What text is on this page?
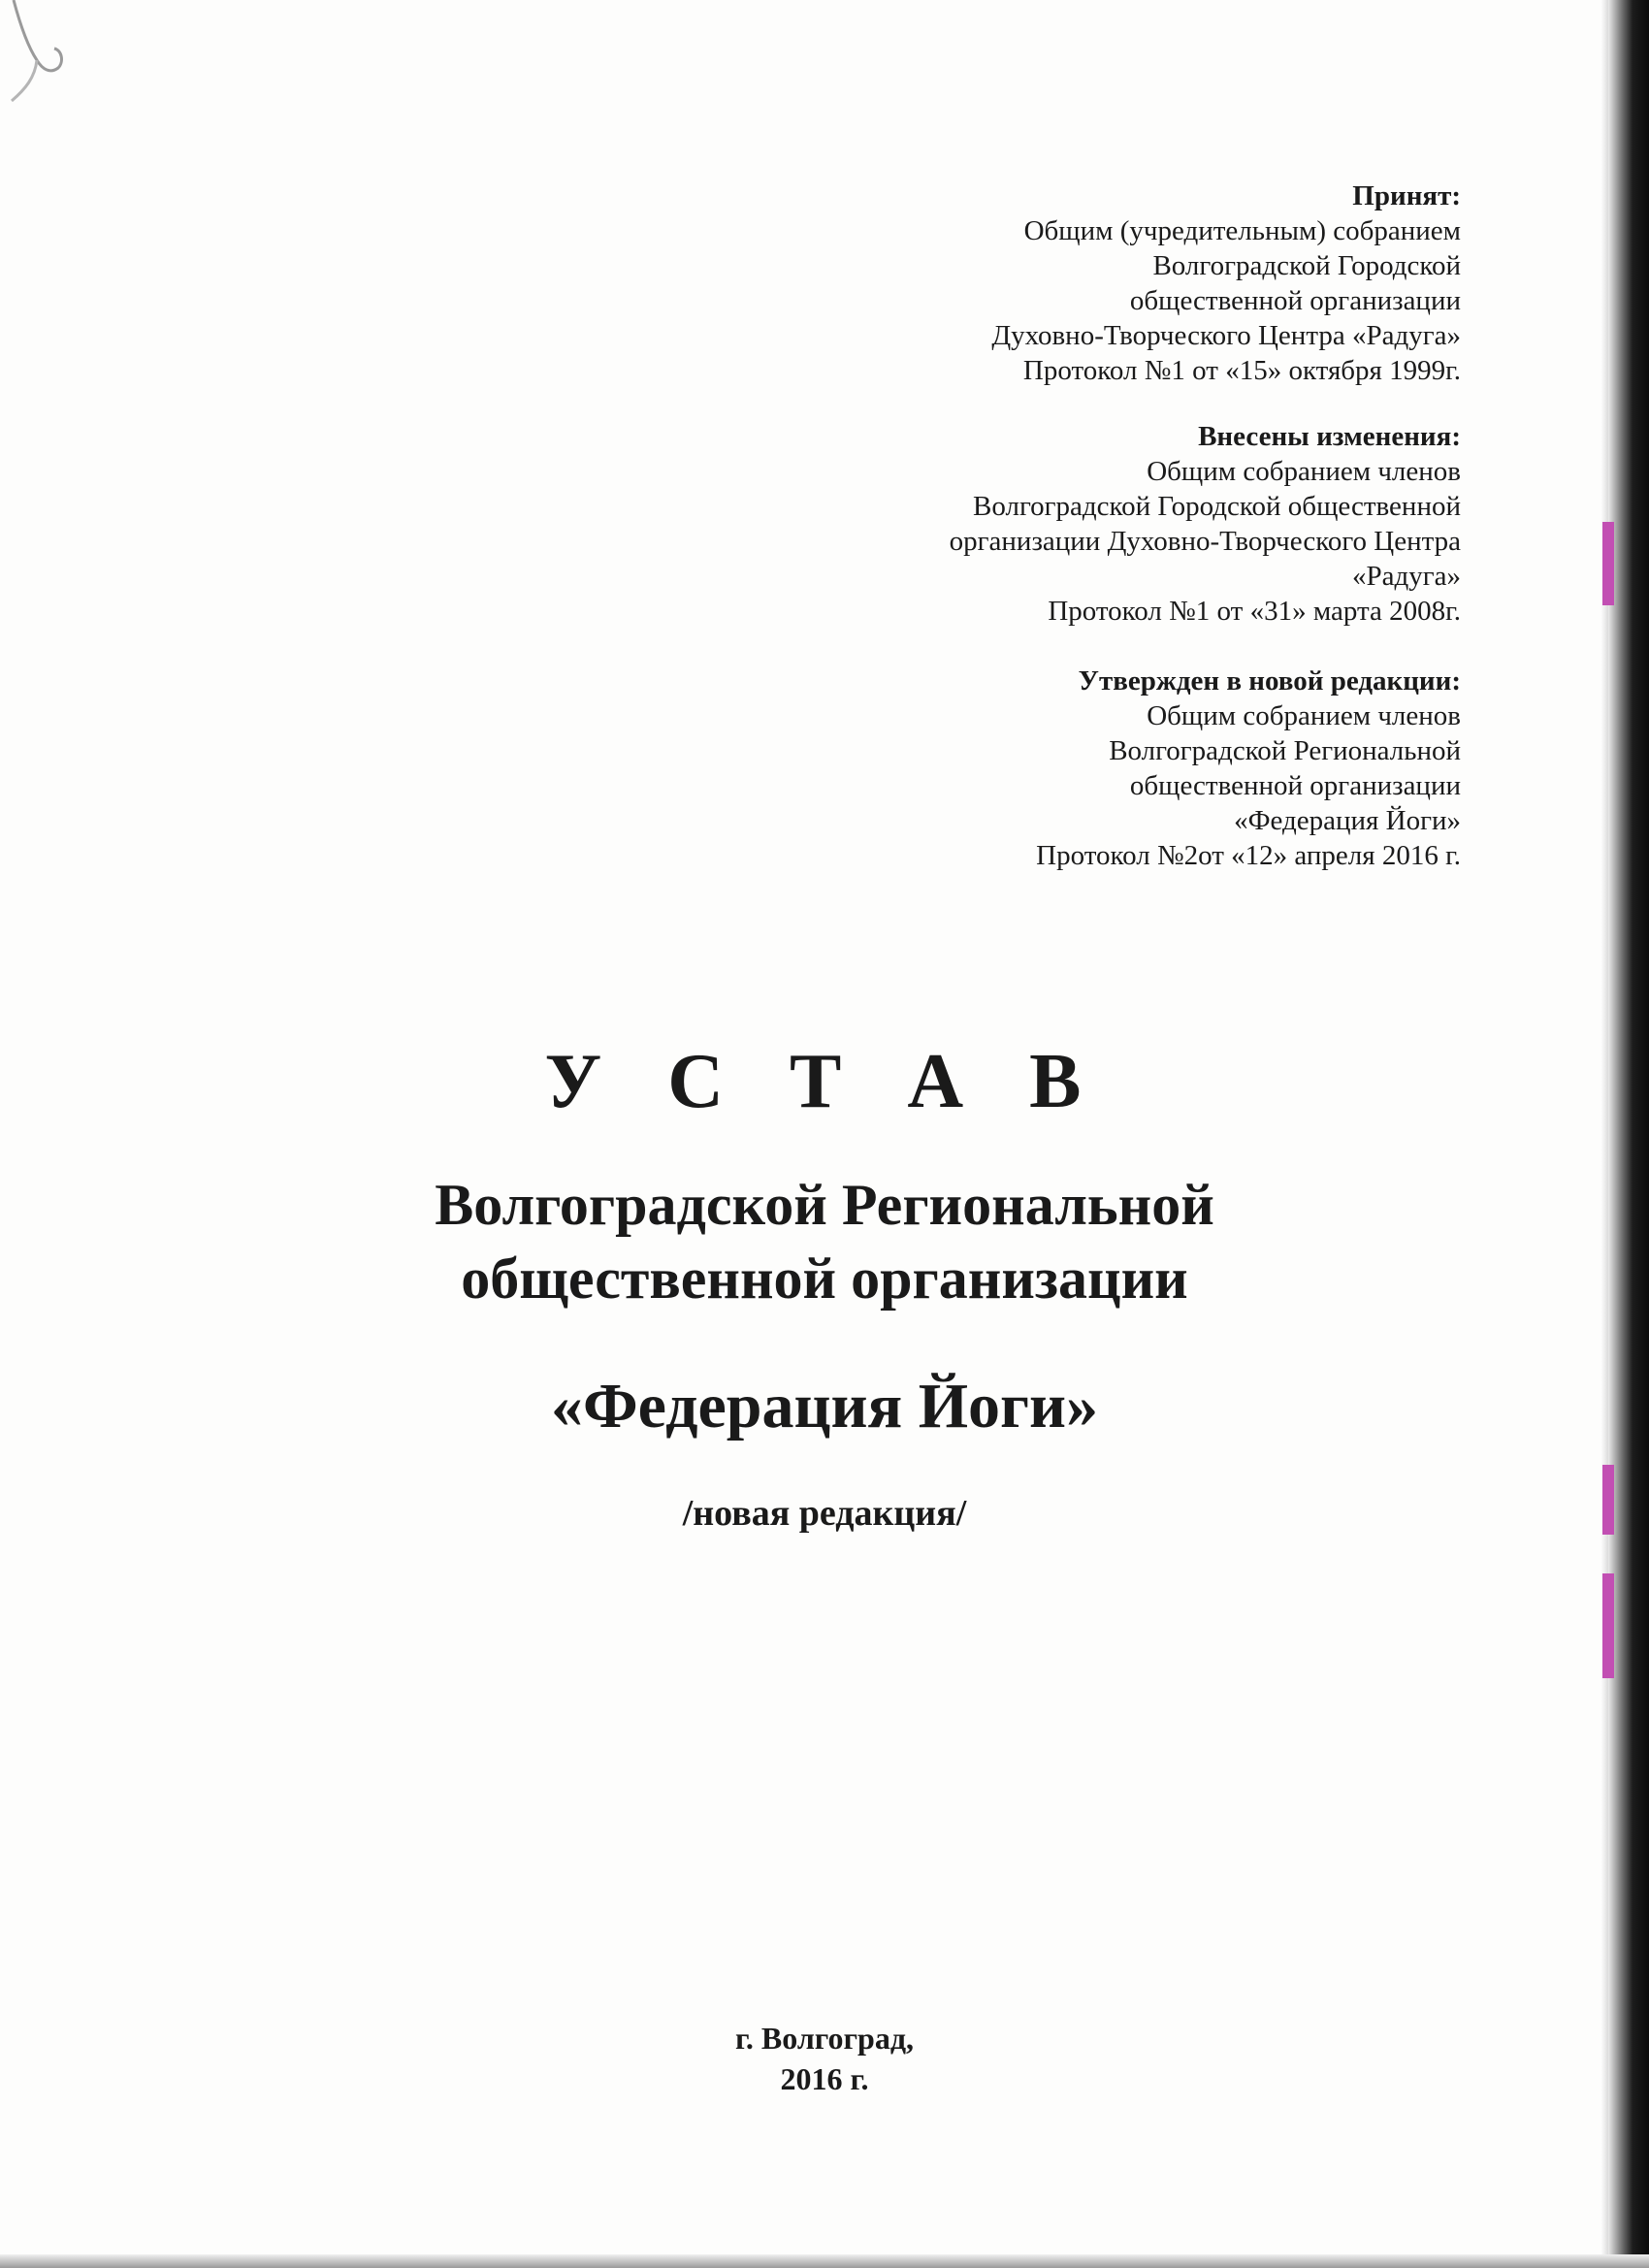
Принят:

Общим (учредительным) собранием

Волгоградской Городской

общественной организации

Духовно-Творческого Центра «Радуга»

Протокол №1 от «15» октября 1999г.

Внесены изменения:

Общим собранием членов

Волгоградской Городской общественной

организации Духовно-Творческого Центра

«Радуга»

Протокол №1 от «31» марта 2008г.

Утвержден в новой редакции:

Общим собранием членов

Волгоградской Региональной

общественной организации

«Федерация Йоги»

Протокол №2от «12» апреля 2016 г.

У С Т А В
Волгоградской Региональной
общественной организации
«Федерация Йоги»
/новая редакция/
г. Волгоград,
2016 г.
